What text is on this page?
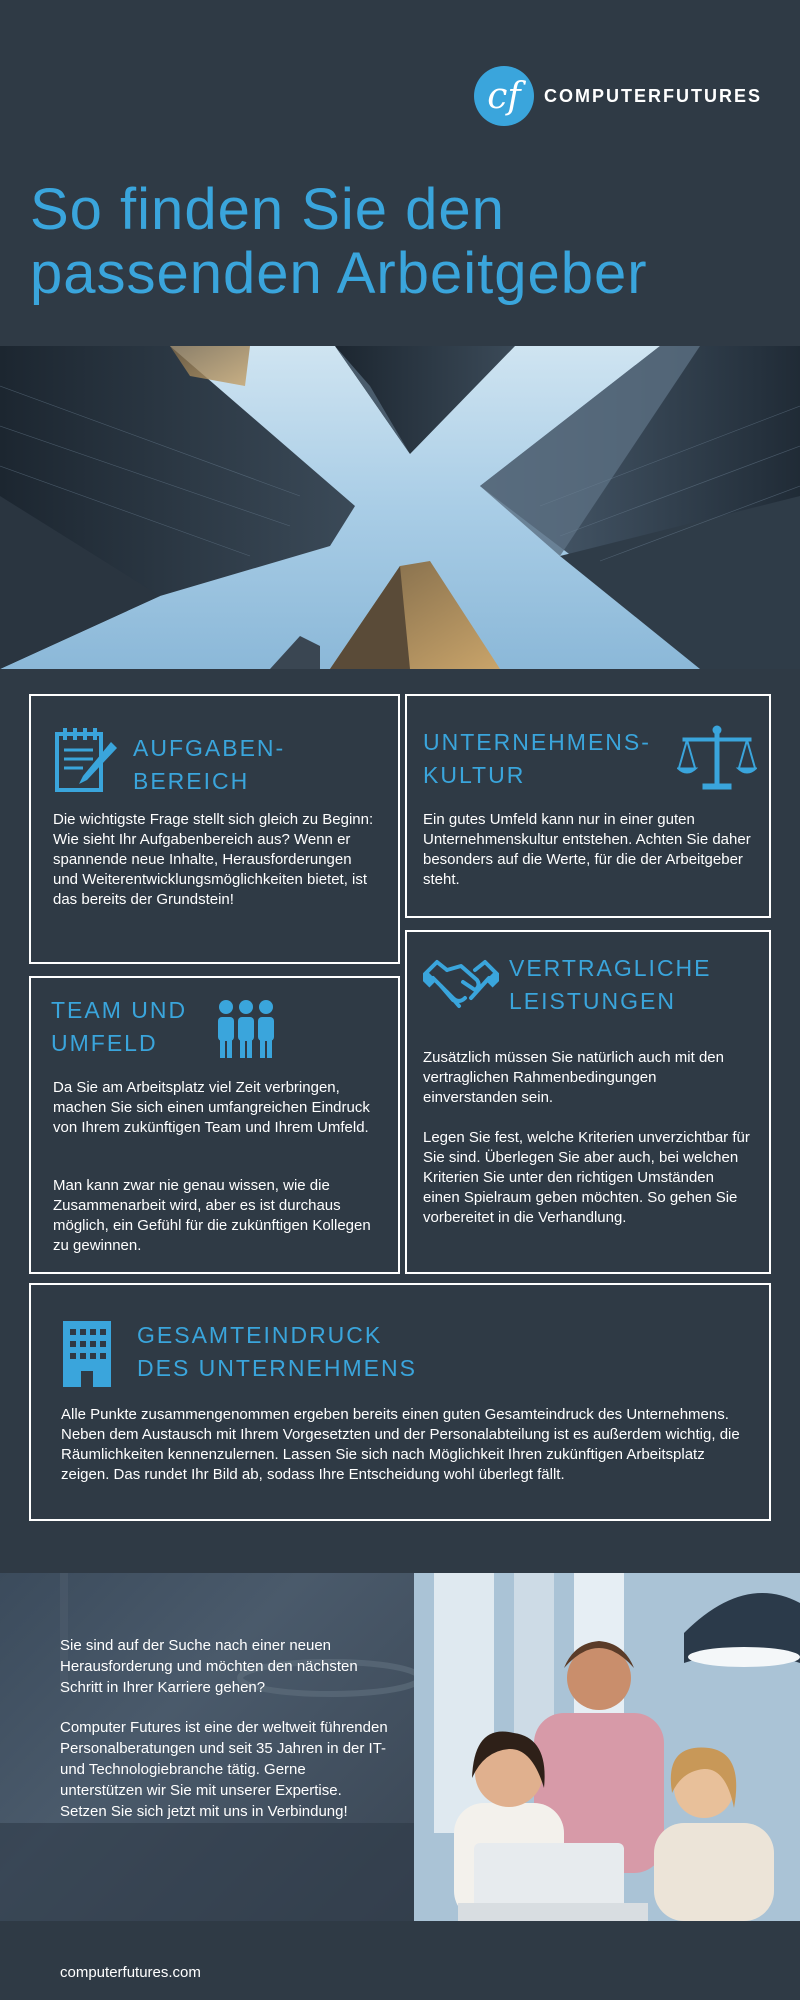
cf	COMPUTERFUTURES
So finden Sie den
passenden Arbeitgeber

AUFGABEN-
BEREICH

Die wichtigste Frage stellt sich gleich zu Beginn: Wie sieht Ihr Aufgabenbereich aus? Wenn er spannende neue Inhalte, Herausforderungen und Weiterentwicklungsmöglichkeiten bietet, ist das bereits der Grundstein!

UNTERNEHMENS-
KULTUR

Ein gutes Umfeld kann nur in einer guten Unternehmenskultur entstehen. Achten Sie daher besonders auf die Werte, für die der Arbeitgeber steht.

TEAM UND
UMFELD

Da Sie am Arbeitsplatz viel Zeit verbringen, machen Sie sich einen umfangreichen Eindruck von Ihrem zukünftigen Team und Ihrem Umfeld.

Man kann zwar nie genau wissen, wie die Zusammenarbeit wird, aber es ist durchaus möglich, ein Gefühl für die zukünftigen Kollegen zu gewinnen.

VERTRAGLICHE
LEISTUNGEN

Zusätzlich müssen Sie natürlich auch mit den vertraglichen Rahmenbedingungen einverstanden sein.

Legen Sie fest, welche Kriterien unverzichtbar für Sie sind. Überlegen Sie aber auch, bei welchen Kriterien Sie unter den richtigen Umständen einen Spielraum geben möchten. So gehen Sie vorbereitet in die Verhandlung.

GESAMTEINDRUCK
DES UNTERNEHMENS

Alle Punkte zusammengenommen ergeben bereits einen guten Gesamteindruck des Unternehmens. Neben dem Austausch mit Ihrem Vorgesetzten und der Personalabteilung ist es außerdem wichtig, die Räumlichkeiten kennenzulernen. Lassen Sie sich nach Möglichkeit Ihren zukünftigen Arbeitsplatz zeigen. Das rundet Ihr Bild ab, sodass Ihre Entscheidung wohl überlegt fällt.

Sie sind auf der Suche nach einer neuen Herausforderung und möchten den nächsten Schritt in Ihrer Karriere gehen?

Computer Futures ist eine der weltweit führenden Personalberatungen und seit 35 Jahren in der IT- und Technologiebranche tätig. Gerne unterstützen wir Sie mit unserer Expertise. Setzen Sie sich jetzt mit uns in Verbindung!

computerfutures.com
